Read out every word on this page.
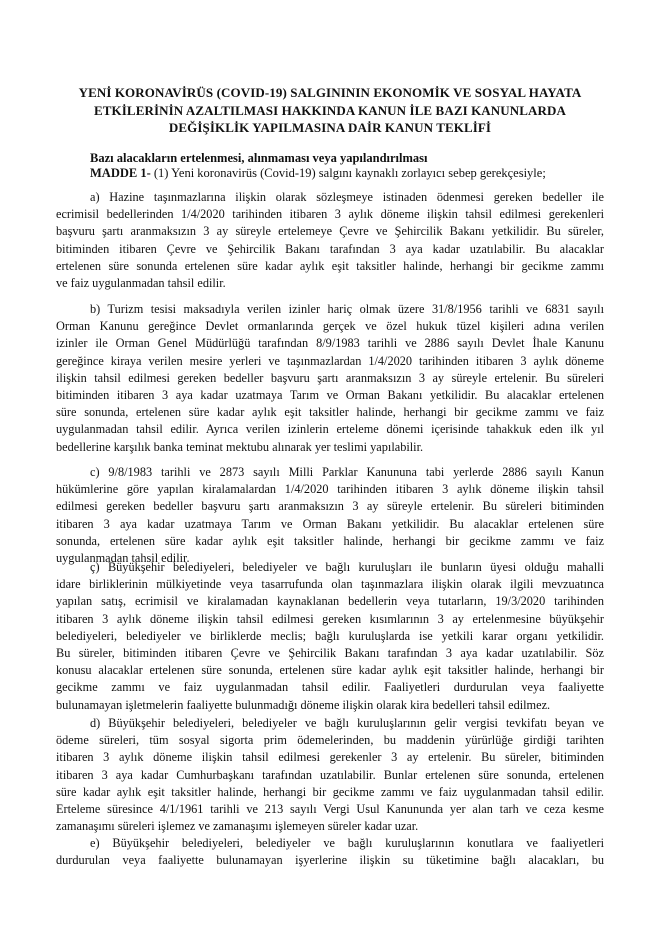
YENİ KORONAVİRÜS (COVID-19) SALGINININ EKONOMİK VE SOSYAL HAYATA
ETKİLERİNİN AZALTILMASI HAKKINDA KANUN İLE BAZI KANUNLARDA
DEĞİŞİKLİK YAPILMASINA DAİR KANUN TEKLİFİ
Bazı alacakların ertelenmesi, alınmaması veya yapılandırılması
MADDE 1- (1) Yeni koronavirüs (Covid-19) salgını kaynaklı zorlayıcı sebep gerekçesiyle;
a) Hazine taşınmazlarına ilişkin olarak sözleşmeye istinaden ödenmesi gereken bedeller ile
ecrimisil bedellerinden 1/4/2020 tarihinden itibaren 3 aylık döneme ilişkin tahsil edilmesi gerekenleri
başvuru şartı aranmaksızın 3 ay süreyle ertelemeye Çevre ve Şehircilik Bakanı yetkilidir. Bu süreler,
bitiminden itibaren Çevre ve Şehircilik Bakanı tarafından 3 aya kadar uzatılabilir. Bu alacaklar
ertelenen süre sonunda ertelenen süre kadar aylık eşit taksitler halinde, herhangi bir gecikme zammı
ve faiz uygulanmadan tahsil edilir.
b) Turizm tesisi maksadıyla verilen izinler hariç olmak üzere 31/8/1956 tarihli ve 6831 sayılı
Orman Kanunu gereğince Devlet ormanlarında gerçek ve özel hukuk tüzel kişileri adına verilen
izinler ile Orman Genel Müdürlüğü tarafından 8/9/1983 tarihli ve 2886 sayılı Devlet İhale Kanunu
gereğince kiraya verilen mesire yerleri ve taşınmazlardan 1/4/2020 tarihinden itibaren 3 aylık döneme
ilişkin tahsil edilmesi gereken bedeller başvuru şartı aranmaksızın 3 ay süreyle ertelenir. Bu süreleri
bitiminden itibaren 3 aya kadar uzatmaya Tarım ve Orman Bakanı yetkilidir. Bu alacaklar ertelenen
süre sonunda, ertelenen süre kadar aylık eşit taksitler halinde, herhangi bir gecikme zammı ve faiz
uygulanmadan tahsil edilir. Ayrıca verilen izinlerin erteleme dönemi içerisinde tahakkuk eden ilk yıl
bedellerine karşılık banka teminat mektubu alınarak yer teslimi yapılabilir.
c) 9/8/1983 tarihli ve 2873 sayılı Milli Parklar Kanununa tabi yerlerde 2886 sayılı Kanun
hükümlerine göre yapılan kiralamalardan 1/4/2020 tarihinden itibaren 3 aylık döneme ilişkin tahsil
edilmesi gereken bedeller başvuru şartı aranmaksızın 3 ay süreyle ertelenir. Bu süreleri bitiminden
itibaren 3 aya kadar uzatmaya Tarım ve Orman Bakanı yetkilidir. Bu alacaklar ertelenen süre
sonunda, ertelenen süre kadar aylık eşit taksitler halinde, herhangi bir gecikme zammı ve faiz
uygulanmadan tahsil edilir.
ç) Büyükşehir belediyeleri, belediyeler ve bağlı kuruluşları ile bunların üyesi olduğu mahalli
idare birliklerinin mülkiyetinde veya tasarrufunda olan taşınmazlara ilişkin olarak ilgili mevzuatınca
yapılan satış, ecrimisil ve kiralamadan kaynaklanan bedellerin veya tutarların, 19/3/2020 tarihinden
itibaren 3 aylık döneme ilişkin tahsil edilmesi gereken kısımlarının 3 ay ertelenmesine büyükşehir
belediyeleri, belediyeler ve birliklerde meclis; bağlı kuruluşlarda ise yetkili karar organı yetkilidir.
Bu süreler, bitiminden itibaren Çevre ve Şehircilik Bakanı tarafından 3 aya kadar uzatılabilir. Söz
konusu alacaklar ertelenen süre sonunda, ertelenen süre kadar aylık eşit taksitler halinde, herhangi bir
gecikme zammı ve faiz uygulanmadan tahsil edilir. Faaliyetleri durdurulan veya faaliyette
bulunamayan işletmelerin faaliyette bulunmadığı döneme ilişkin olarak kira bedelleri tahsil edilmez.
d) Büyükşehir belediyeleri, belediyeler ve bağlı kuruluşlarının gelir vergisi tevkifatı beyan ve
ödeme süreleri, tüm sosyal sigorta prim ödemelerinden, bu maddenin yürürlüğe girdiği tarihten
itibaren 3 aylık döneme ilişkin tahsil edilmesi gerekenler 3 ay ertelenir. Bu süreler, bitiminden
itibaren 3 aya kadar Cumhurbaşkanı tarafından uzatılabilir. Bunlar ertelenen süre sonunda, ertelenen
süre kadar aylık eşit taksitler halinde, herhangi bir gecikme zammı ve faiz uygulanmadan tahsil edilir.
Erteleme süresince 4/1/1961 tarihli ve 213 sayılı Vergi Usul Kanununda yer alan tarh ve ceza kesme
zamanaşımı süreleri işlemez ve zamanaşımı işlemeyen süreler kadar uzar.
e) Büyükşehir belediyeleri, belediyeler ve bağlı kuruluşlarının konutlara ve faaliyetleri
durdurulan veya faaliyette bulunamayan işyerlerine ilişkin su tüketimine bağlı alacakları, bu
